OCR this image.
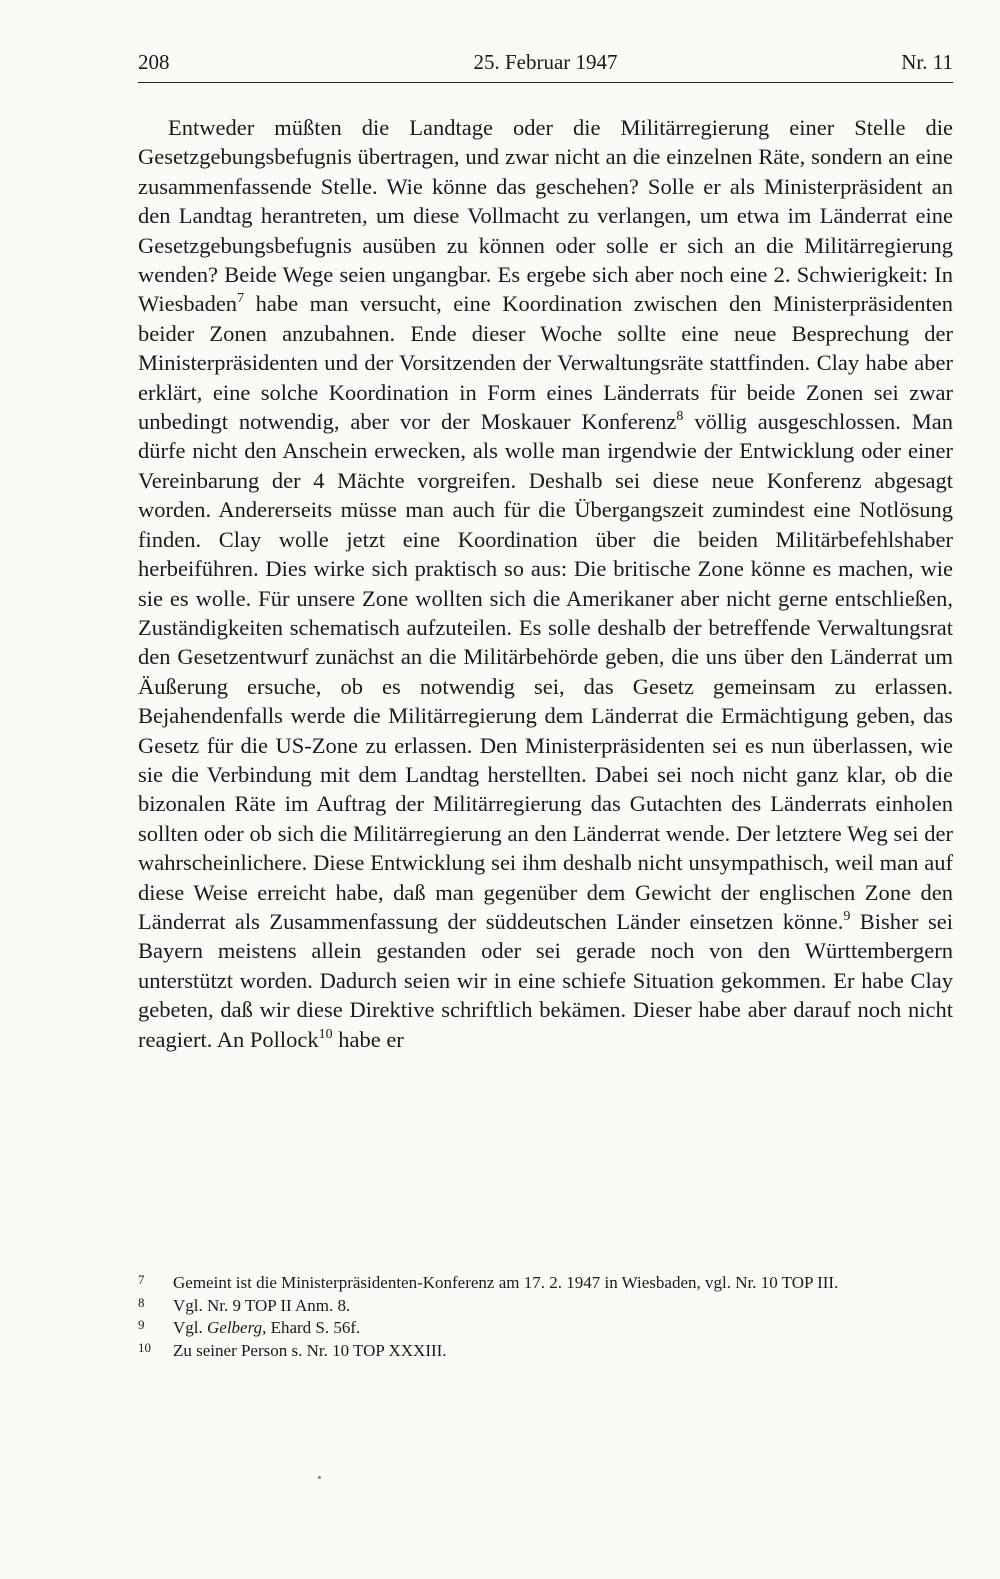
208	25. Februar 1947	Nr. 11

Entweder müßten die Landtage oder die Militärregierung einer Stelle die Gesetzgebungsbefugnis übertragen, und zwar nicht an die einzelnen Räte, sondern an eine zusammenfassende Stelle. Wie könne das geschehen? Solle er als Ministerpräsident an den Landtag herantreten, um diese Vollmacht zu verlangen, um etwa im Länderrat eine Gesetzgebungsbefugnis ausüben zu können oder solle er sich an die Militärregierung wenden? Beide Wege seien ungangbar. Es ergebe sich aber noch eine 2. Schwierigkeit: In Wiesbaden$^7$ habe man versucht, eine Koordination zwischen den Ministerpräsidenten beider Zonen anzubahnen. Ende dieser Woche sollte eine neue Besprechung der Ministerpräsidenten und der Vorsitzenden der Verwaltungsräte stattfinden. Clay habe aber erklärt, eine solche Koordination in Form eines Länderrats für beide Zonen sei zwar unbedingt notwendig, aber vor der Moskauer Konferenz$^8$ völlig ausgeschlossen. Man dürfe nicht den Anschein erwecken, als wolle man irgendwie der Entwicklung oder einer Vereinbarung der 4 Mächte vorgreifen. Deshalb sei diese neue Konferenz abgesagt worden. Andererseits müsse man auch für die Übergangszeit zumindest eine Notlösung finden. Clay wolle jetzt eine Koordination über die beiden Militärbefehlshaber herbeiführen. Dies wirke sich praktisch so aus: Die britische Zone könne es machen, wie sie es wolle. Für unsere Zone wollten sich die Amerikaner aber nicht gerne entschließen, Zuständigkeiten schematisch aufzuteilen. Es solle deshalb der betreffende Verwaltungsrat den Gesetzentwurf zunächst an die Militärbehörde geben, die uns über den Länderrat um Äußerung ersuche, ob es notwendig sei, das Gesetz gemeinsam zu erlassen. Bejahendenfalls werde die Militärregierung dem Länderrat die Ermächtigung geben, das Gesetz für die US-Zone zu erlassen. Den Ministerpräsidenten sei es nun überlassen, wie sie die Verbindung mit dem Landtag herstellten. Dabei sei noch nicht ganz klar, ob die bizonalen Räte im Auftrag der Militärregierung das Gutachten des Länderrats einholen sollten oder ob sich die Militärregierung an den Länderrat wende. Der letztere Weg sei der wahrscheinlichere. Diese Entwicklung sei ihm deshalb nicht unsympathisch, weil man auf diese Weise erreicht habe, daß man gegenüber dem Gewicht der englischen Zone den Länderrat als Zusammenfassung der süddeutschen Länder einsetzen könne.$^9$ Bisher sei Bayern meistens allein gestanden oder sei gerade noch von den Württembergern unterstützt worden. Dadurch seien wir in eine schiefe Situation gekommen. Er habe Clay gebeten, daß wir diese Direktive schriftlich bekämen. Dieser habe aber darauf noch nicht reagiert. An Pollock$^{10}$ habe er

7 Gemeint ist die Ministerpräsidenten-Konferenz am 17. 2. 1947 in Wiesbaden, vgl. Nr. 10 TOP III.

8 Vgl. Nr. 9 TOP II Anm. 8.

9 Vgl. Gelberg, Ehard S. 56f.

10 Zu seiner Person s. Nr. 10 TOP XXXIII.
